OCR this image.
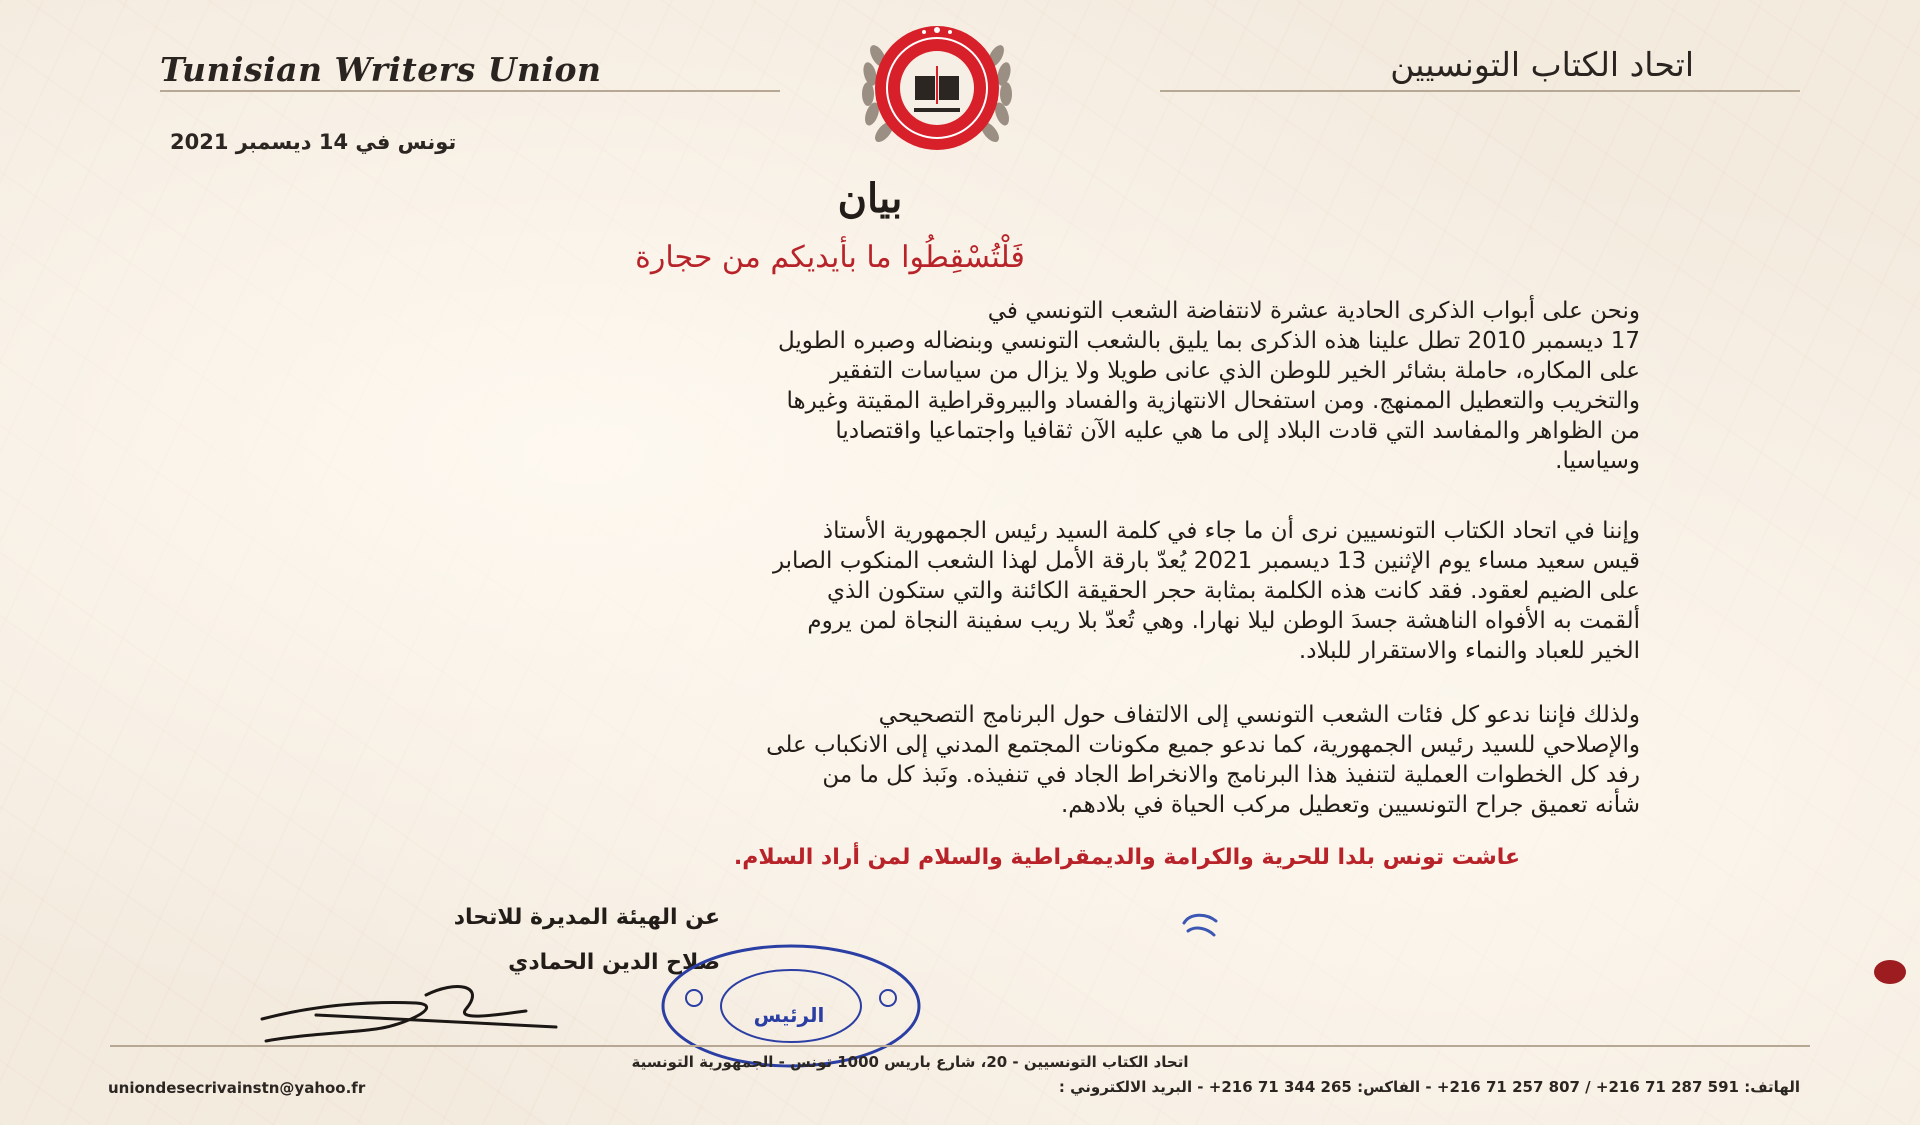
Tunisian Writers Union	اتحاد الكتاب التونسيين
تونس في 14 ديسمبر 2021
بيان
فَلْتُسْقِطُوا ما بأيديكم من حجارة

ونحن على أبواب الذكرى الحادية عشرة لانتفاضة الشعب التونسي في

17 ديسمبر 2010 تطل علينا هذه الذكرى بما يليق بالشعب التونسي وبنضاله وصبره الطويل

على المكاره، حاملة بشائر الخير للوطن الذي عانى طويلا ولا يزال من سياسات التفقير

والتخريب والتعطيل الممنهج. ومن استفحال الانتهازية والفساد والبيروقراطية المقيتة وغيرها

من الظواهر والمفاسد التي قادت البلاد إلى ما هي عليه الآن ثقافيا واجتماعيا واقتصاديا

وسياسيا.

وإننا في اتحاد الكتاب التونسيين نرى أن ما جاء في كلمة السيد رئيس الجمهورية الأستاذ

قيس سعيد مساء يوم الإثنين 13 ديسمبر 2021 يُعدّ بارقة الأمل لهذا الشعب المنكوب الصابر

على الضيم لعقود. فقد كانت هذه الكلمة بمثابة حجر الحقيقة الكائنة والتي ستكون الذي

ألقمت به الأفواه الناهشة جسدَ الوطن ليلا نهارا. وهي تُعدّ بلا ريب سفينة النجاة لمن يروم

الخير للعباد والنماء والاستقرار للبلاد.

ولذلك فإننا ندعو كل فئات الشعب التونسي إلى الالتفاف حول البرنامج التصحيحي

والإصلاحي للسيد رئيس الجمهورية، كما ندعو جميع مكونات المجتمع المدني إلى الانكباب على

رفد كل الخطوات العملية لتنفيذ هذا البرنامج والانخراط الجاد في تنفيذه. ونَبذ كل ما من

شأنه تعميق جراح التونسيين وتعطيل مركب الحياة في بلادهم.

عاشت تونس بلدا للحرية والكرامة والديمقراطية والسلام لمن أراد السلام.
عن الهيئة المديرة للاتحاد
صلاح الدين الحمادي
الرئيس
اتحاد الكتاب التونسيين - 20، شارع باريس 1000 تونس - الجمهورية التونسية
الهاتف: 591 287 71 216+ / 807 257 71 216+ - الفاكس: 265 344 71 216+ - البريد الالكتروني :
uniondesecrivainstn@yahoo.fr
